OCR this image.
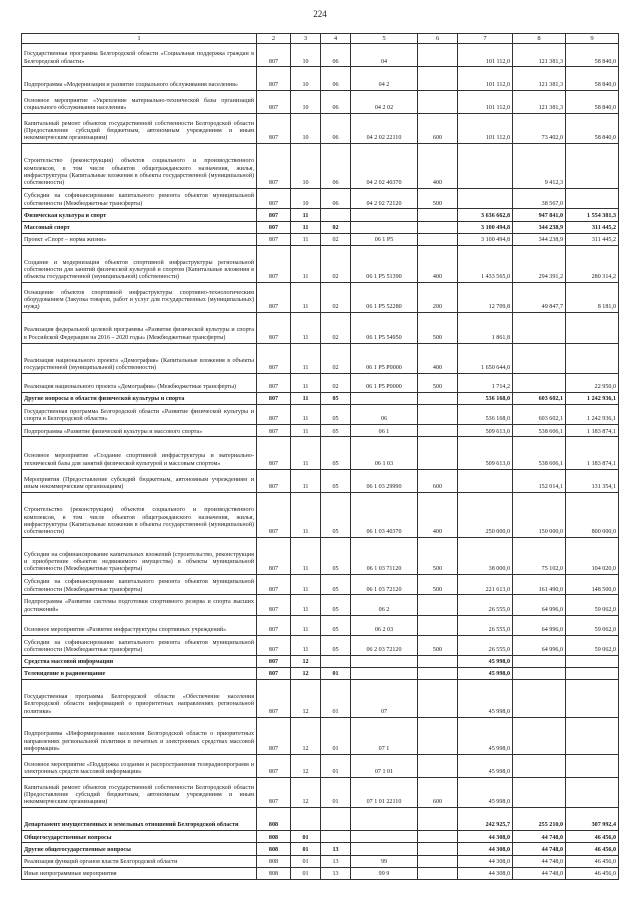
224
1	2	3	4	5	6	7	8	9
Государственная программа Белгородской области «Социальная поддержка граждан в Белгородской области»	807	10	06	04		101 112,0	121 381,3	58 840,0
Подпрограмма «Модернизация и развитие социального обслуживания населения»	807	10	06	04 2		101 112,0	121 381,3	58 840,0
Основное мероприятие «Укрепление материально-технической базы организаций социального обслуживания населения»	807	10	06	04 2 02		101 112,0	121 381,3	58 840,0
Капитальный ремонт объектов государственной собственности Белгородской области (Предоставление субсидий бюджетным, автономным учреждениям и иным некоммерческим организациям)	807	10	06	04 2 02 22110	600	101 112,0	73 402,0	58 840,0
Строительство (реконструкция) объектов социального и производственного комплексов, в том числе объектов общегражданского назначения, жилья, инфраструктуры (Капитальные вложения в объекты государственной (муниципальной) собственности)	807	10	06	04 2 02 40370	400		9 412,3	
Субсидии на софинансирование капитального ремонта объектов муниципальной собственности (Межбюджетные трансферты)	807	10	06	04 2 02 72120	500		38 567,0	
Физическая культура и спорт	807	11				3 636 662,8	947 841,0	1 554 381,3
Массовый спорт	807	11	02			3 100 494,8	344 238,9	311 445,2
Проект «Спорт – норма жизни»	807	11	02	06 1 P5		3 100 494,8	344 238,9	311 445,2
Создание и модернизация объектов спортивной инфраструктуры региональной собственности для занятий физической культурой и спортом (Капитальные вложения в объекты государственной (муниципальной) собственности)	807	11	02	06 1 P5 51390	400	1 433 565,0	294 391,2	280 314,2
Оснащение объектов спортивной инфраструктуры спортивно-технологическим оборудованием (Закупка товаров, работ и услуг для государственных (муниципальных) нужд)	807	11	02	06 1 P5 52280	200	12 709,8	49 847,7	8 181,0
Реализация федеральной целевой программы «Развитие физической культуры и спорта в Российской Федерации на 2016 – 2020 годы» (Межбюджетные трансферты)	807	11	02	06 1 P5 54950	500	1 861,8		
Реализация национального проекта «Демография» (Капитальные вложения в объекты государственной (муниципальной) собственности)	807	11	02	06 1 P5 P0000	400	1 650 644,0		
Реализация национального проекта «Демография» (Межбюджетные трансферты)	807	11	02	06 1 P5 P0000	500	1 714,2		22 950,0
Другие вопросы в области физической культуры и спорта	807	11	05			536 168,0	603 602,1	1 242 936,1
Государственная программа Белгородской области «Развитие физической культуры и спорта в Белгородской области»	807	11	05	06		536 168,0	603 602,1	1 242 936,1
Подпрограмма «Развитие физической культуры и массового спорта»	807	11	05	06 1		509 613,0	538 606,1	1 183 874,1
Основное мероприятие «Создание спортивной инфраструктуры и материально-технической базы для занятий физической культурой и массовым спортом»	807	11	05	06 1 03		509 613,0	538 606,1	1 183 874,1
Мероприятия (Предоставление субсидий бюджетным, автономным учреждениям и иным некоммерческим организациям)	807	11	05	06 1 03 29990	600		152 014,1	131 354,1
Строительство (реконструкция) объектов социального и производственного комплексов, в том числе объектов общегражданского назначения, жилья, инфраструктуры (Капитальные вложения в объекты государственной (муниципальной) собственности)	807	11	05	06 1 03 40370	400	250 000,0	150 000,0	800 000,0
Субсидии на софинансирование капитальных вложений (строительство, реконструкция и приобретение объектов недвижимого имущества) в объекты муниципальной собственности (Межбюджетные трансферты)	807	11	05	06 1 03 71120	500	38 000,0	75 102,0	104 020,0
Субсидии на софинансирование капитального ремонта объектов муниципальной собственности (Межбюджетные трансферты)	807	11	05	06 1 03 72120	500	221 613,0	161 490,0	148 500,0
Подпрограмма «Развитие системы подготовки спортивного резерва и спорта высших достижений»	807	11	05	06 2		26 555,0	64 996,0	59 062,0
Основное мероприятие «Развитие инфраструктуры спортивных учреждений»	807	11	05	06 2 03		26 555,0	64 996,0	59 062,0
Субсидии на софинансирование капитального ремонта объектов муниципальной собственности (Межбюджетные трансферты)	807	11	05	06 2 03 72120	500	26 555,0	64 996,0	59 062,0
Средства массовой информации	807	12				45 998,0		
Телевидение и радиовещание	807	12	01			45 998,0		
Государственная программа Белгородской области «Обеспечение населения Белгородской области информацией о приоритетных направлениях региональной политики»	807	12	01	07		45 998,0		
Подпрограмма «Информирование населения Белгородской области о приоритетных направлениях региональной политики в печатных и электронных средствах массовой информации»	807	12	01	07 1		45 998,0		
Основное мероприятие «Поддержка создания и распространения телерадиопрограмм и электронных средств массовой информации»	807	12	01	07 1 01		45 998,0		
Капитальный ремонт объектов государственной собственности Белгородской области (Предоставление субсидий бюджетным, автономным учреждениям и иным некоммерческим организациям)	807	12	01	07 1 01 22110	600	45 998,0		
Департамент имущественных и земельных отношений Белгородской области	808					242 925,7	255 210,0	307 992,4
Общегосударственные вопросы	808	01				44 308,0	44 748,0	46 456,0
Другие общегосударственные вопросы	808	01	13			44 308,0	44 748,0	46 456,0
Реализация функций органов власти Белгородской области	808	01	13	99		44 308,0	44 748,0	46 456,0
Иные непрограммные мероприятия	808	01	13	99 9		44 308,0	44 748,0	46 456,0
